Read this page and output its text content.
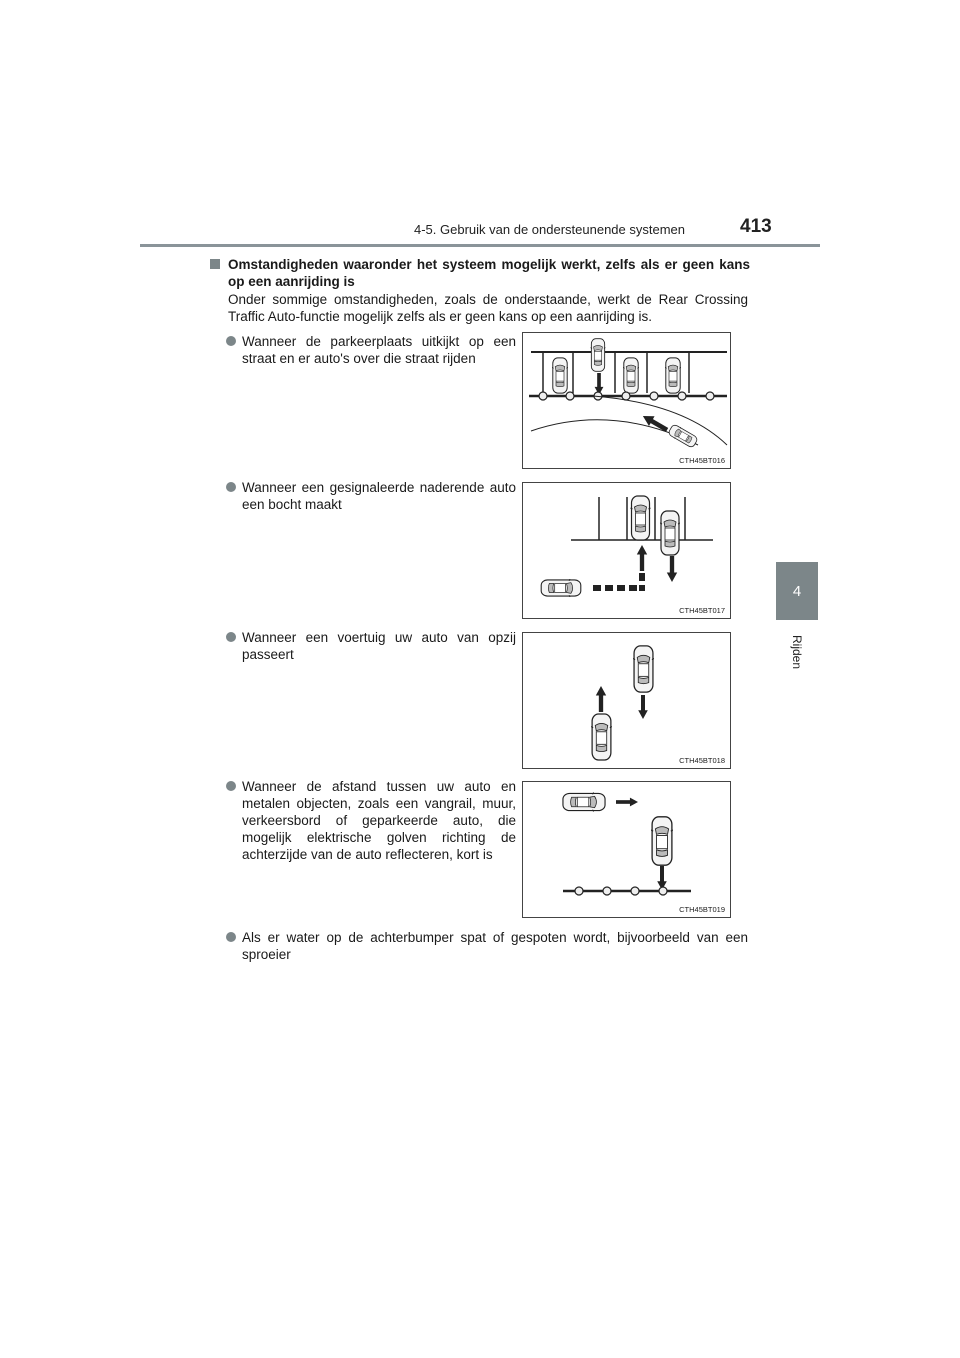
4-5. Gebruik van de ondersteunende systemen	413
4
Rijden
Omstandigheden waaronder het systeem mogelijk werkt, zelfs als er geen kans op een aanrijding is
Onder sommige omstandigheden, zoals de onderstaande, werkt de Rear Crossing Traffic Auto-functie mogelijk zelfs als er geen kans op een aanrijding is.
Wanneer de parkeerplaats uitkijkt op een straat en er auto's over die straat rijden
CTH45BT016
Wanneer een gesignaleerde naderende auto een bocht maakt
CTH45BT017
Wanneer een voertuig uw auto van opzij passeert
CTH45BT018
Wanneer de afstand tussen uw auto en metalen objecten, zoals een vangrail, muur, verkeersbord of geparkeerde auto, die mogelijk elektrische golven richting de achterzijde van de auto reflecteren, kort is
CTH45BT019
Als er water op de achterbumper spat of gespoten wordt, bijvoorbeeld van een sproeier
